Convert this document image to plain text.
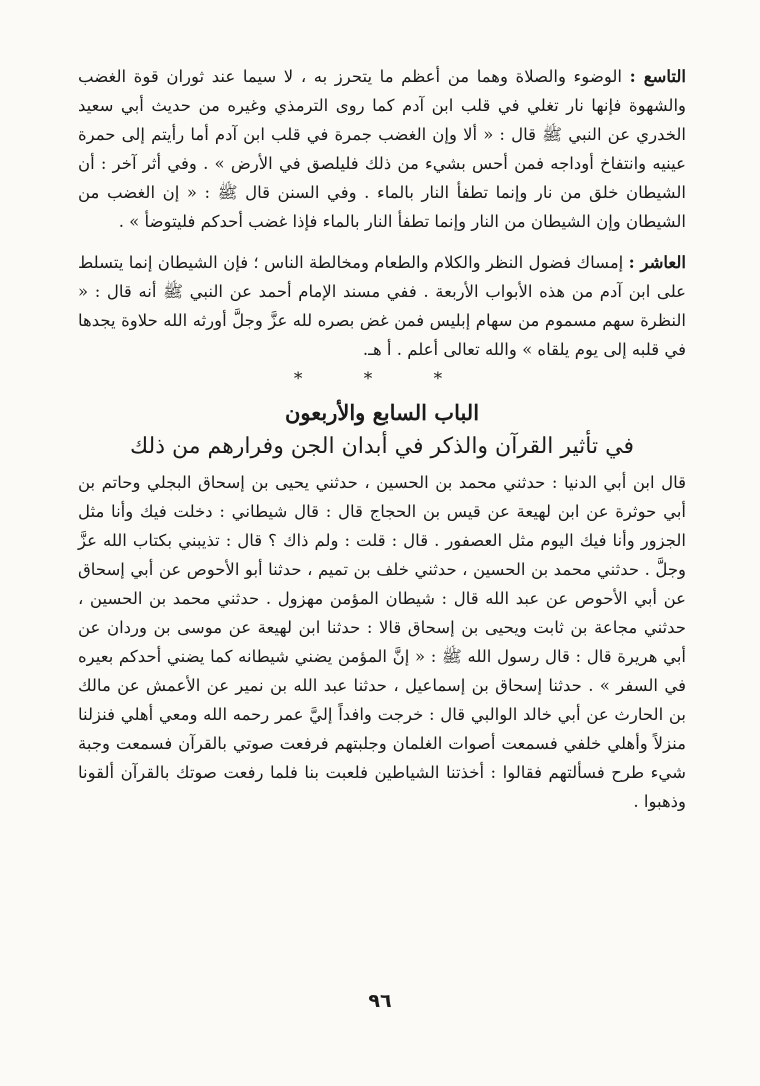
التاسع : الوضوء والصلاة وهما من أعظم ما يتحرز به ، لا سيما عند ثوران قوة الغضب والشهوة فإنها نار تغلي في قلب ابن آدم كما روى الترمذي وغيره من حديث أبي سعيد الخدري عن النبي ﷺ قال : « ألا وإن الغضب جمرة في قلب ابن آدم أما رأيتم إلى حمرة عينيه وانتفاخ أوداجه فمن أحس بشيء من ذلك فليلصق في الأرض » . وفي أثر آخر : أن الشيطان خلق من نار وإنما تطفأ النار بالماء . وفي السنن قال ﷺ : « إن الغضب من الشيطان وإن الشيطان من النار وإنما تطفأ النار بالماء فإذا غضب أحدكم فليتوضأ » .

العاشر : إمساك فضول النظر والكلام والطعام ومخالطة الناس ؛ فإن الشيطان إنما يتسلط على ابن آدم من هذه الأبواب الأربعة . ففي مسند الإمام أحمد عن النبي ﷺ أنه قال : « النظرة سهم مسموم من سهام إبليس فمن غض بصره لله عزَّ وجلَّ أورثه الله حلاوة يجدها في قلبه إلى يوم يلقاه » والله تعالى أعلم . أ هـ.

* * *
الباب السابع والأربعون
في تأثير القرآن والذكر في أبدان الجن وفرارهم من ذلك

قال ابن أبي الدنيا : حدثني محمد بن الحسين ، حدثني يحيى بن إسحاق البجلي وحاتم بن أبي حوثرة عن ابن لهيعة عن قيس بن الحجاج قال : قال شيطاني : دخلت فيك وأنا مثل الجزور وأنا فيك اليوم مثل العصفور . قال : قلت : ولم ذاك ؟ قال : تذيبني بكتاب الله عزَّ وجلَّ . حدثني محمد بن الحسين ، حدثني خلف بن تميم ، حدثنا أبو الأحوص عن أبي إسحاق عن أبي الأحوص عن عبد الله قال : شيطان المؤمن مهزول . حدثني محمد بن الحسين ، حدثني مجاعة بن ثابت ويحيى بن إسحاق قالا : حدثنا ابن لهيعة عن موسى بن وردان عن أبي هريرة قال : قال رسول الله ﷺ : « إنَّ المؤمن يضني شيطانه كما يضني أحدكم بعيره في السفر » . حدثنا إسحاق بن إسماعيل ، حدثنا عبد الله بن نمير عن الأعمش عن مالك بن الحارث عن أبي خالد الوالبي قال : خرجت وافداً إليَّ عمر رحمه الله ومعي أهلي فنزلنا منزلاً وأهلي خلفي فسمعت أصوات الغلمان وجلبتهم فرفعت صوتي بالقرآن فسمعت وجبة شيء طرح فسألتهم فقالوا : أخذتنا الشياطين فلعبت بنا فلما رفعت صوتك بالقرآن ألقونا وذهبوا .

٩٦
